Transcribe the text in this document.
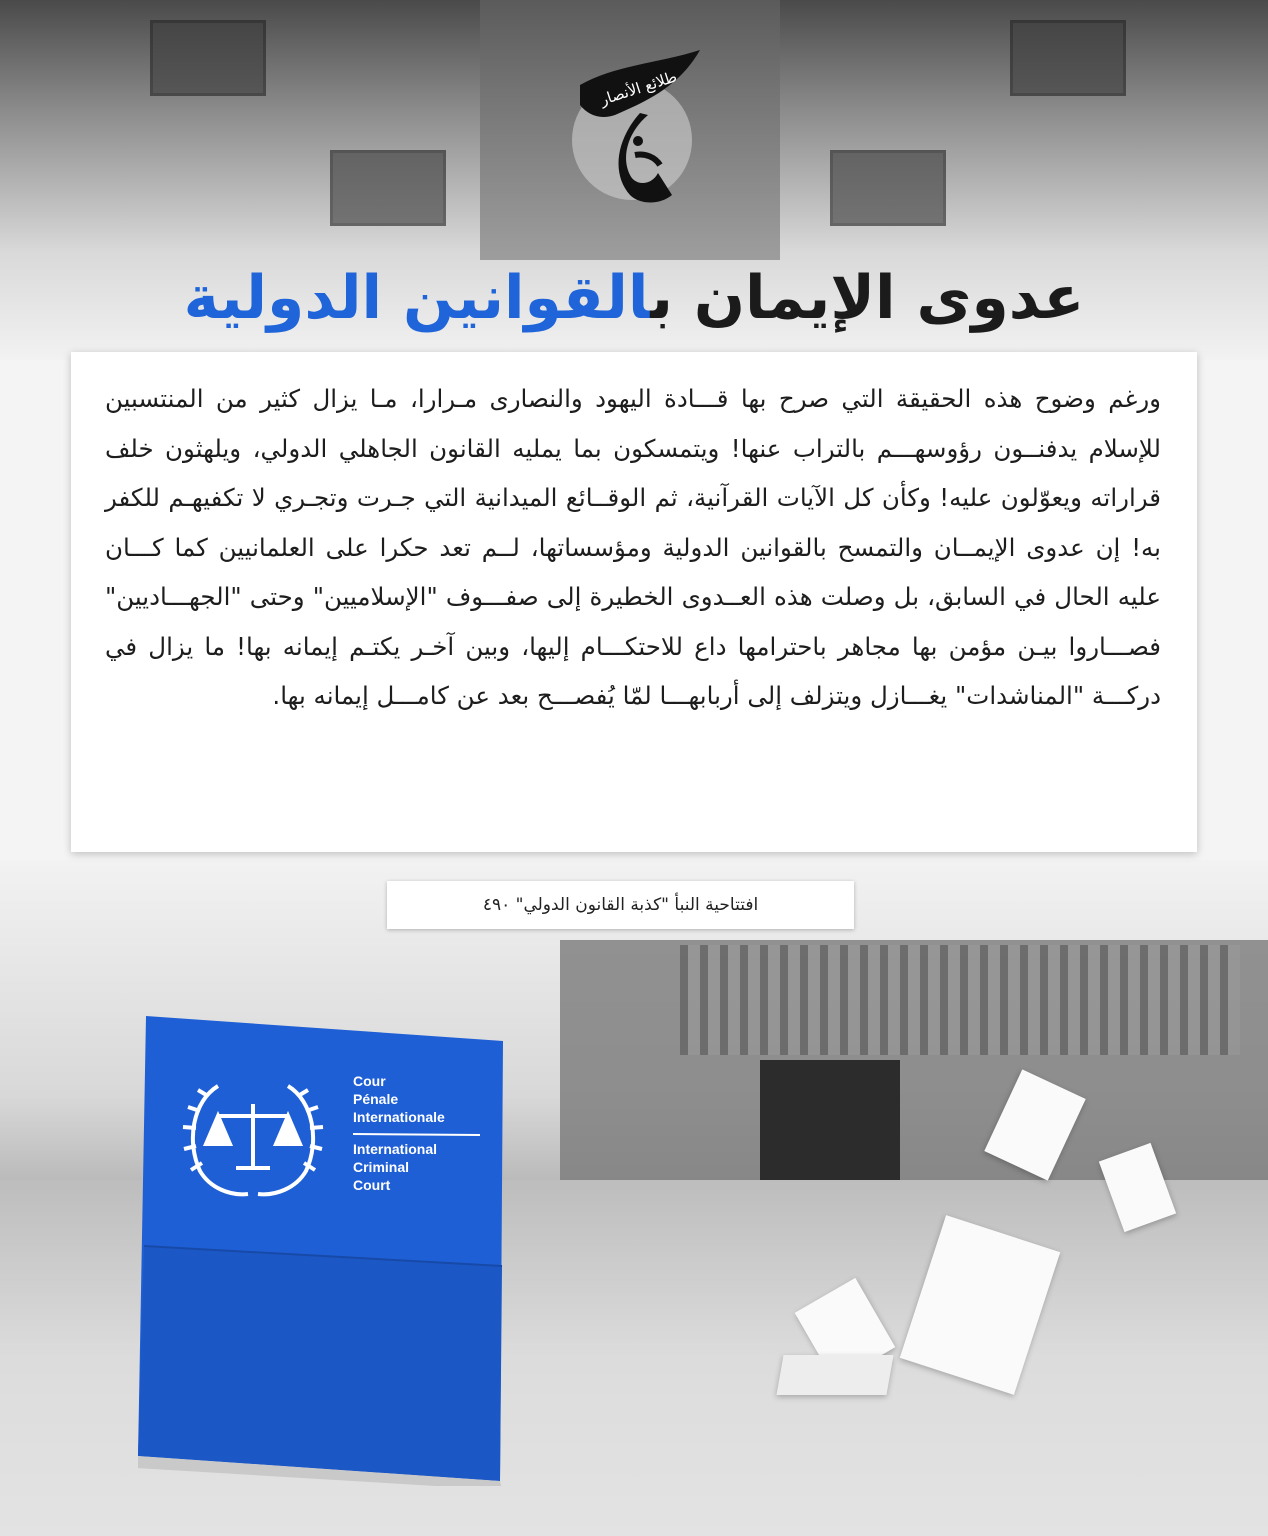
طلائع الأنصار
عدوى الإيمان بالقوانين الدولية
ورغم وضوح هذه الحقيقة التي صرح بها قـــادة اليهود والنصارى مـرارا، مـا يزال كثير من المنتسبين للإسلام يدفنــون رؤوسهـــم بالتراب عنها! ويتمسكون بما يمليه القانون الجاهلي الدولي، ويلهثون خلف قراراته ويعوّلون عليه! وكأن كل الآيات القرآنية، ثم الوقــائع الميدانية التي جـرت وتجـري لا تكفيهـم للكفر به! إن عدوى الإيمــان والتمسح بالقوانين الدولية ومؤسساتها، لــم تعد حكرا على العلمانيين كما كـــان عليه الحال في السابق، بل وصلت هذه العــدوى الخطيرة إلى صفـــوف "الإسلاميين" وحتى "الجهـــاديين" فصـــاروا بيـن مؤمن بها مجاهر باحترامها داع للاحتكـــام إليها، وبين آخـر يكتـم إيمانه بها! ما يزال في دركـــة "المناشدات" يغـــازل ويتزلف إلى أربابهـــا لمّا يُفصـــح بعد عن كامـــل إيمانه بها.
افتتاحية النبأ "كذبة القانون الدولي" ٤٩٠
Cour
Pénale
Internationale
International
Criminal
Court
